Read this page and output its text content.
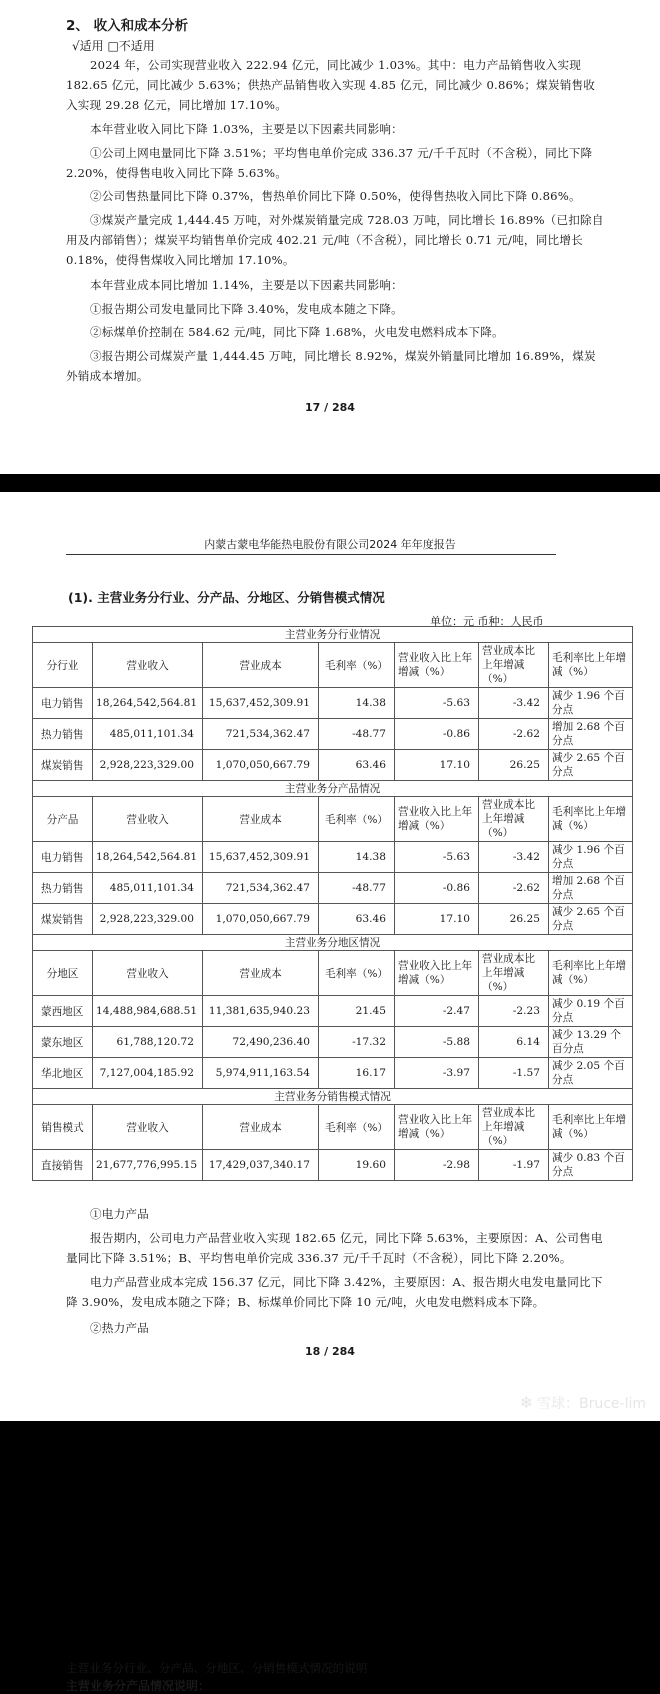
2、 收入和成本分析
√适用 □不适用
2024 年，公司实现营业收入 222.94 亿元，同比减少 1.03%。其中：电力产品销售收入实现 182.65 亿元，同比减少 5.63%；供热产品销售收入实现 4.85 亿元，同比减少 0.86%；煤炭销售收入实现 29.28 亿元，同比增加 17.10%。
本年营业收入同比下降 1.03%，主要是以下因素共同影响：
①公司上网电量同比下降 3.51%；平均售电单价完成 336.37 元/千千瓦时（不含税），同比下降 2.20%，使得售电收入同比下降 5.63%。
②公司售热量同比下降 0.37%，售热单价同比下降 0.50%，使得售热收入同比下降 0.86%。
③煤炭产量完成 1,444.45 万吨，对外煤炭销量完成 728.03 万吨，同比增长 16.89%（已扣除自用及内部销售）；煤炭平均销售单价完成 402.21 元/吨（不含税），同比增长 0.71 元/吨，同比增长 0.18%，使得售煤收入同比增加 17.10%。
本年营业成本同比增加 1.14%，主要是以下因素共同影响：
①报告期公司发电量同比下降 3.40%，发电成本随之下降。
②标煤单价控制在 584.62 元/吨，同比下降 1.68%，火电发电燃料成本下降。
③报告期公司煤炭产量 1,444.45 万吨，同比增长 8.92%，煤炭外销量同比增加 16.89%，煤炭外销成本增加。
17 / 284
内蒙古蒙电华能热电股份有限公司2024 年年度报告
(1). 主营业务分行业、分产品、分地区、分销售模式情况
单位：元 币种：人民币
主营业务分行业情况						
分行业	营业收入	营业成本	毛利率（%）	营业收入比上年增减（%）	营业成本比上年增减（%）	毛利率比上年增减（%）
电力销售	18,264,542,564.81	15,637,452,309.91	14.38	-5.63	-3.42	减少 1.96 个百分点
热力销售	485,011,101.34	721,534,362.47	-48.77	-0.86	-2.62	增加 2.68 个百分点
煤炭销售	2,928,223,329.00	1,070,050,667.79	63.46	17.10	26.25	减少 2.65 个百分点
主营业务分产品情况						
分产品	营业收入	营业成本	毛利率（%）	营业收入比上年增减（%）	营业成本比上年增减（%）	毛利率比上年增减（%）
电力销售	18,264,542,564.81	15,637,452,309.91	14.38	-5.63	-3.42	减少 1.96 个百分点
热力销售	485,011,101.34	721,534,362.47	-48.77	-0.86	-2.62	增加 2.68 个百分点
煤炭销售	2,928,223,329.00	1,070,050,667.79	63.46	17.10	26.25	减少 2.65 个百分点
主营业务分地区情况						
分地区	营业收入	营业成本	毛利率（%）	营业收入比上年增减（%）	营业成本比上年增减（%）	毛利率比上年增减（%）
蒙西地区	14,488,984,688.51	11,381,635,940.23	21.45	-2.47	-2.23	减少 0.19 个百分点
蒙东地区	61,788,120.72	72,490,236.40	-17.32	-5.88	6.14	减少 13.29 个百分点
华北地区	7,127,004,185.92	5,974,911,163.54	16.17	-3.97	-1.57	减少 2.05 个百分点
主营业务分销售模式情况						
销售模式	营业收入	营业成本	毛利率（%）	营业收入比上年增减（%）	营业成本比上年增减（%）	毛利率比上年增减（%）
直接销售	21,677,776,995.15	17,429,037,340.17	19.60	-2.98	-1.97	减少 0.83 个百分点
主营业务分行业、分产品、分地区、分销售模式情况的说明
主营业务分产品情况说明：
①电力产品
报告期内，公司电力产品营业收入实现 182.65 亿元，同比下降 5.63%，主要原因：A、公司售电量同比下降 3.51%；B、平均售电单价完成 336.37 元/千千瓦时（不含税），同比下降 2.20%。
电力产品营业成本完成 156.37 亿元，同比下降 3.42%，主要原因：A、报告期火电发电量同比下降 3.90%，发电成本随之下降；B、标煤单价同比下降 10 元/吨，火电发电燃料成本下降。
②热力产品
18 / 284
❄ 雪球：Bruce-lim
